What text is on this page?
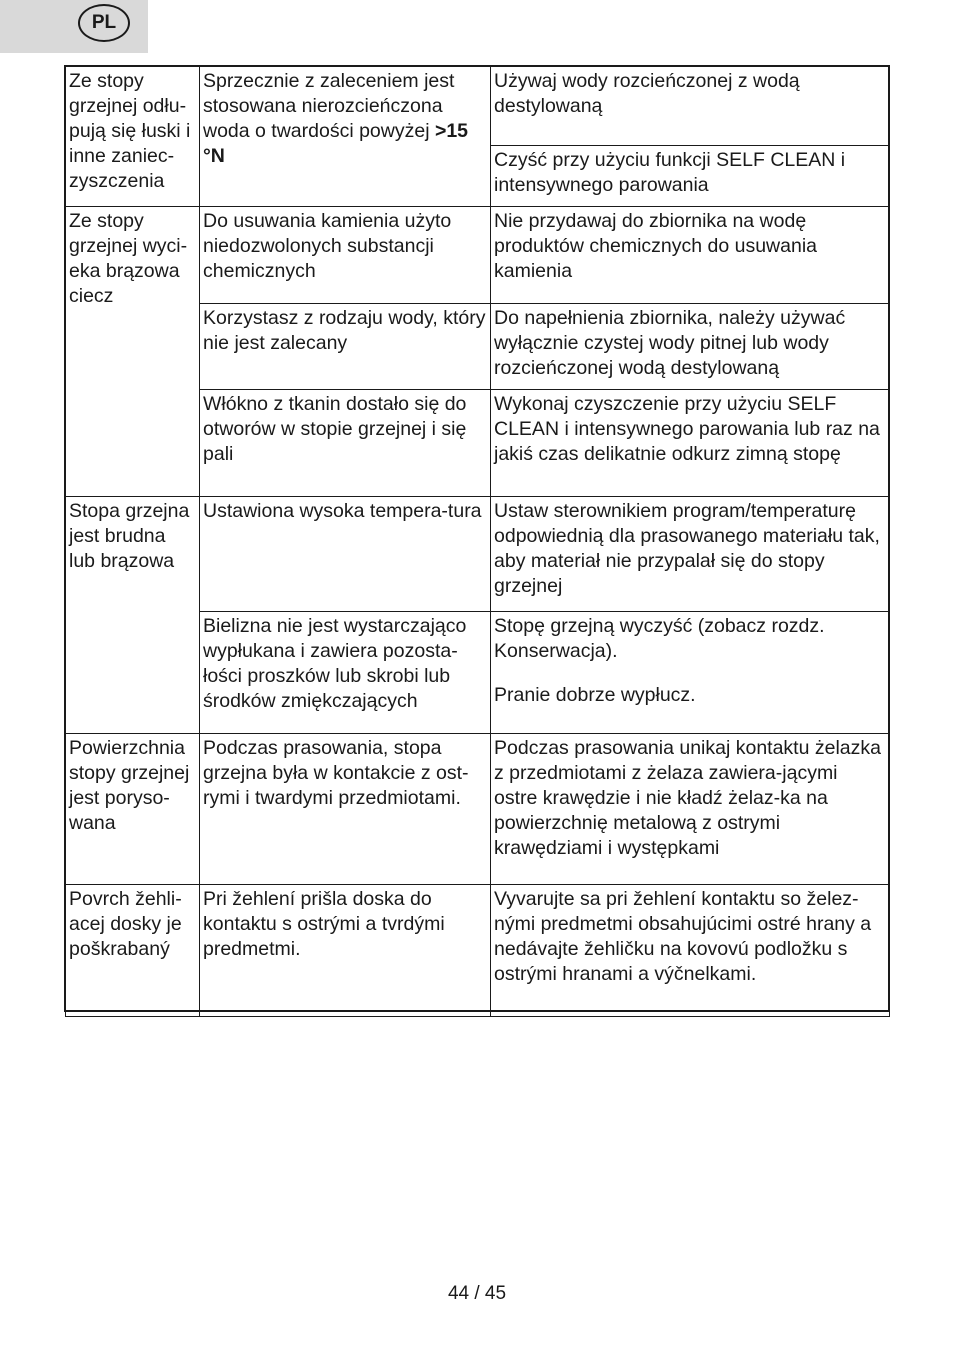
PL
Ze stopy grzejnej odłu-pują się łuski i inne zaniec-zyszczenia	Sprzecznie z zaleceniem jest stosowana nierozcieńczona woda o twardości powyżej >15 °N	Używaj wody rozcieńczonej z wodą destylowaną
		Czyść przy użyciu funkcji SELF CLEAN i intensywnego parowania
Ze stopy grzejnej wyci-eka brązowa ciecz	Do usuwania kamienia użyto niedozwolonych substancji chemicznych	Nie przydawaj do zbiornika na wodę produktów chemicznych do usuwania kamienia
	Korzystasz z rodzaju wody, który nie jest zalecany	Do napełnienia zbiornika, należy używać wyłącznie czystej wody pitnej lub wody rozcieńczonej wodą destylowaną
	Włókno z tkanin dostało się do otworów w stopie grzejnej i się pali	Wykonaj czyszczenie przy użyciu SELF CLEAN i intensywnego parowania lub raz na jakiś czas delikatnie odkurz zimną stopę
Stopa grzejna jest brudna lub brązowa	Ustawiona wysoka tempera-tura	Ustaw sterownikiem program/temperaturę odpowiednią dla prasowanego materiału tak, aby materiał nie przypalał się do stopy grzejnej
	Bielizna nie jest wystarczająco wypłukana i zawiera pozosta-łości proszków lub skrobi lub środków zmiękczających	Stopę grzejną wyczyść (zobacz rozdz. Konserwacja).

Pranie dobrze wypłucz.

Powierzchnia stopy grzejnej jest poryso-wana	Podczas prasowania, stopa grzejna była w kontakcie z ost-rymi i twardymi przedmiotami.	Podczas prasowania unikaj kontaktu żelazka z przedmiotami z żelaza zawiera-jącymi ostre krawędzie i nie kładź żelaz-ka na powierzchnię metalową z ostrymi krawędziami i występkami
Povrch žehli-acej dosky je poškrabaný	Pri žehlení prišla doska do kontaktu s ostrými a tvrdými predmetmi.	Vyvarujte sa pri žehlení kontaktu so želez-nými predmetmi obsahujúcimi ostré hrany a nedávajte žehličku na kovovú podložku s ostrými hranami a výčnelkami.
44 / 45
